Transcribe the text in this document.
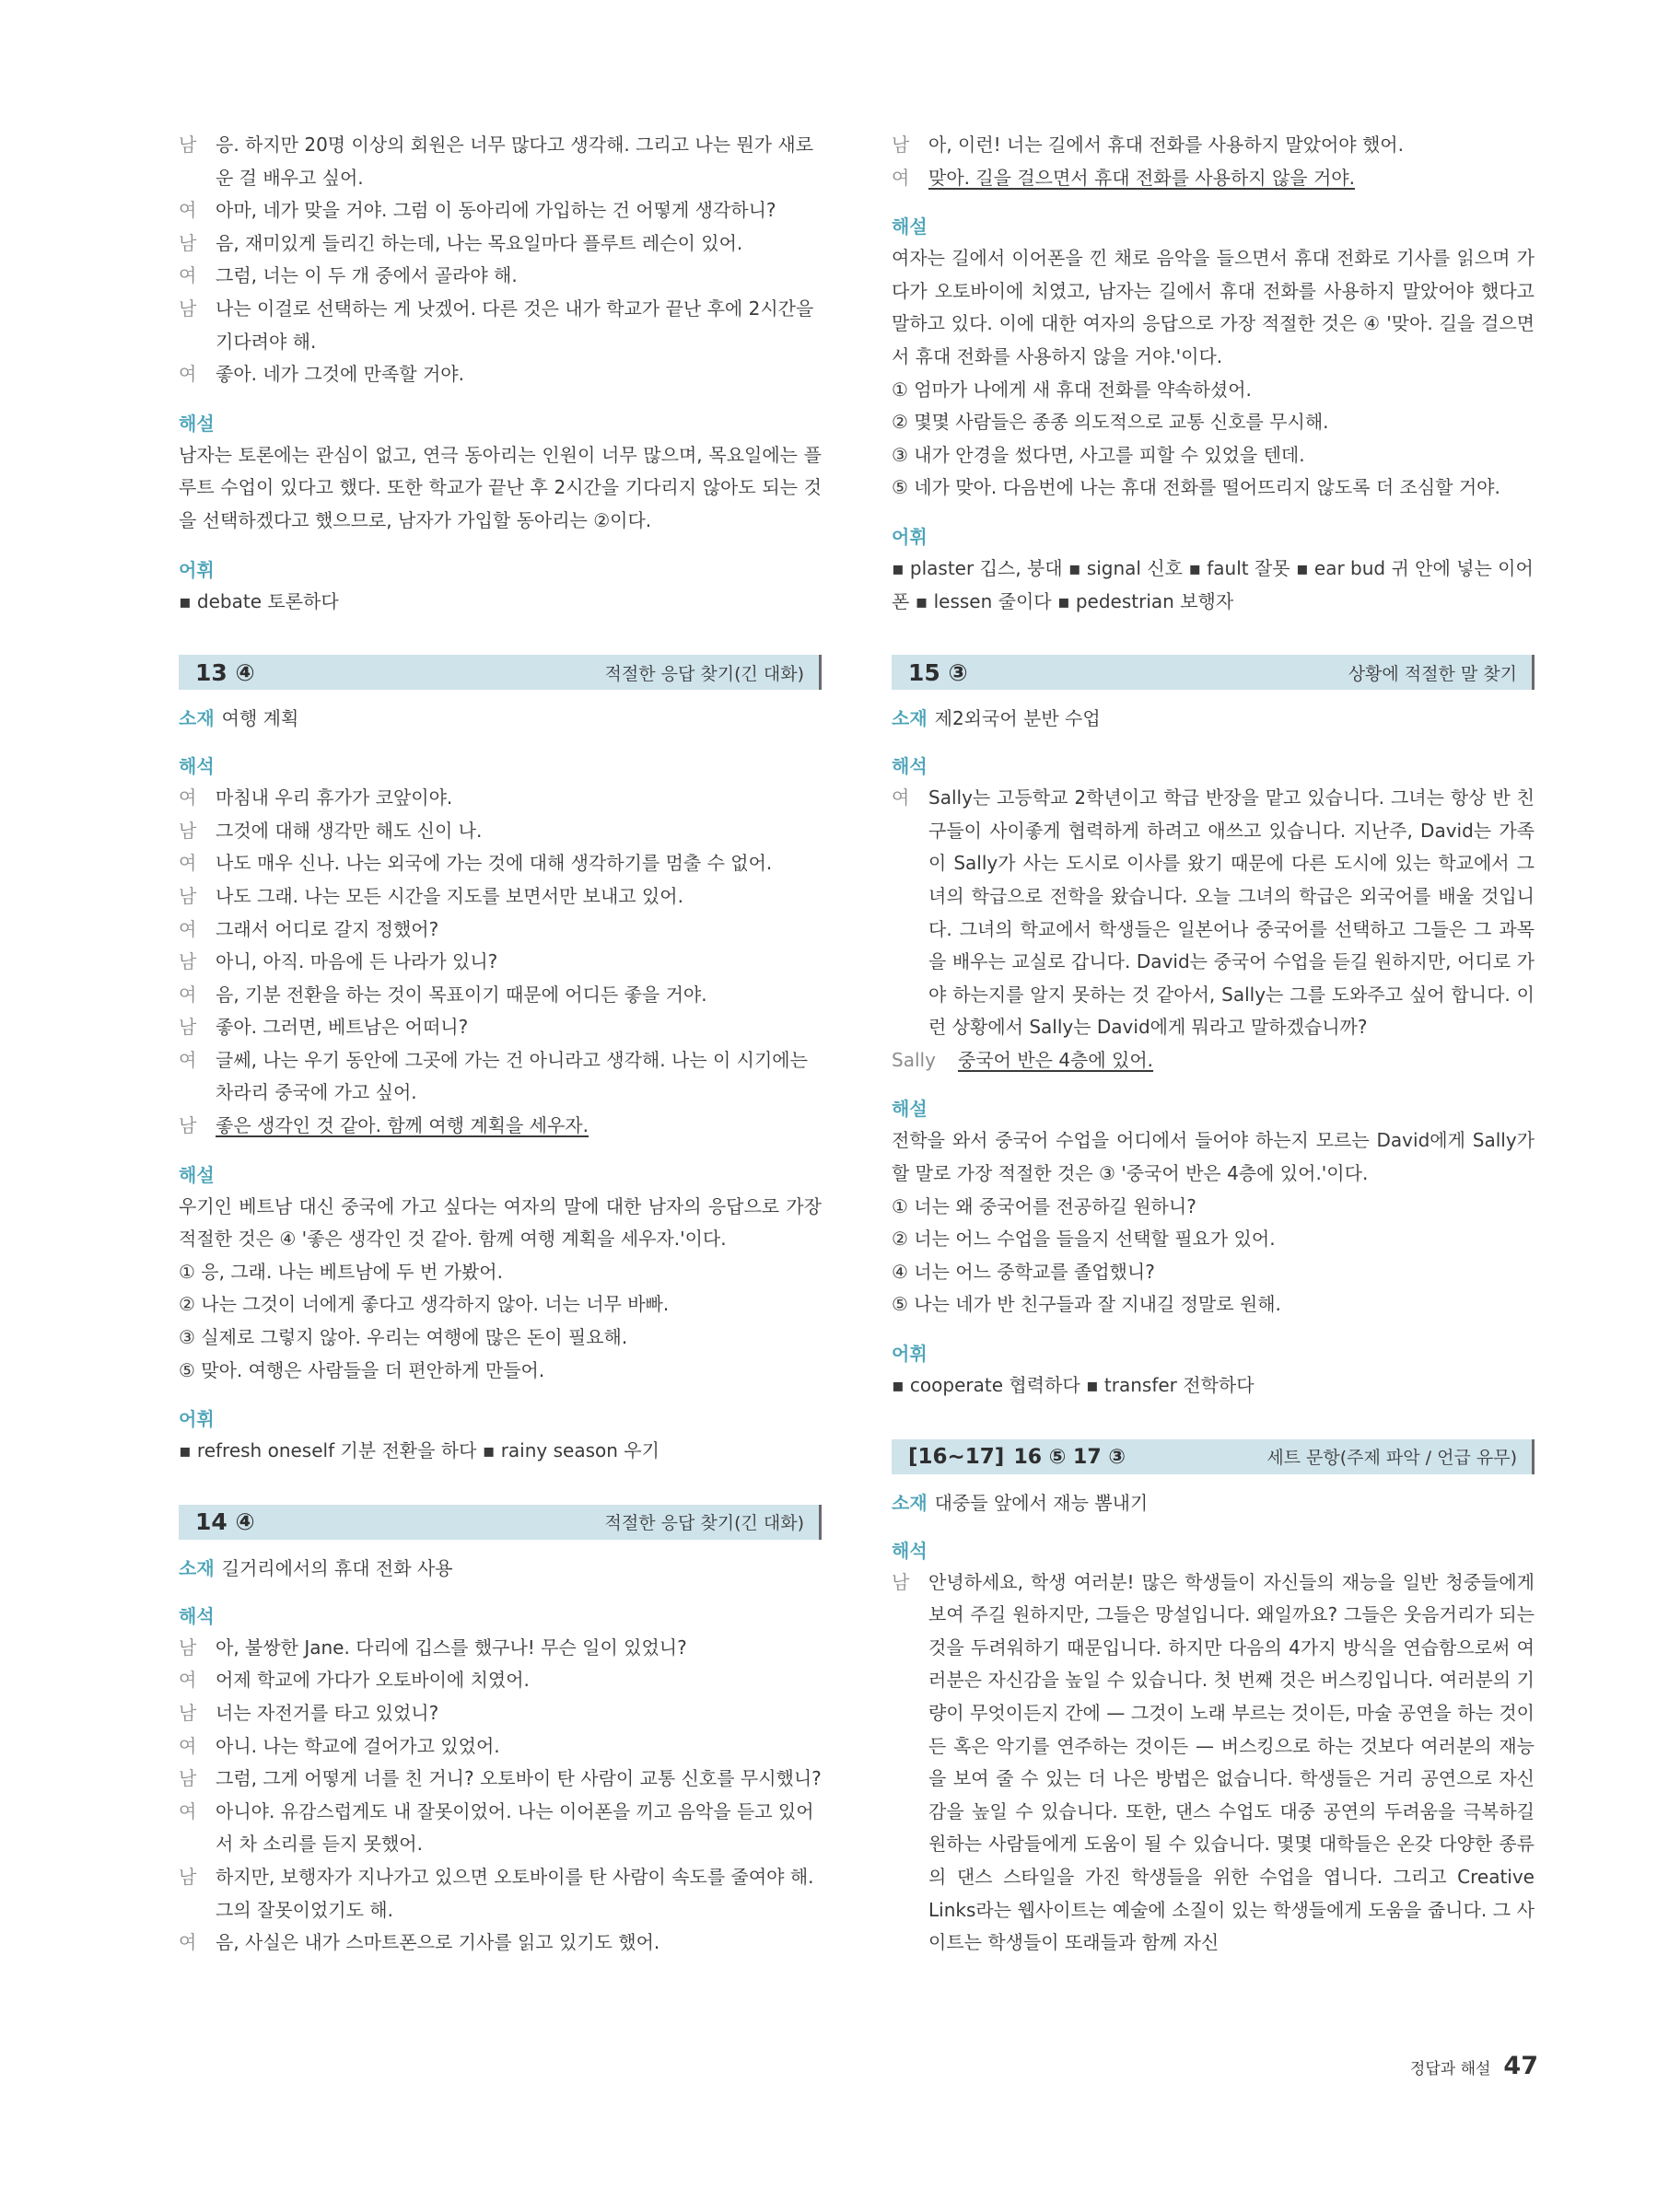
남 응. 하지만 20명 이상의 회원은 너무 많다고 생각해. 그리고 나는 뭔가 새로운 걸 배우고 싶어.
여 아마, 네가 맞을 거야. 그럼 이 동아리에 가입하는 건 어떻게 생각하니?
남 음, 재미있게 들리긴 하는데, 나는 목요일마다 플루트 레슨이 있어.
여 그럼, 너는 이 두 개 중에서 골라야 해.
남 나는 이걸로 선택하는 게 낫겠어. 다른 것은 내가 학교가 끝난 후에 2시간을 기다려야 해.
여 좋아. 네가 그것에 만족할 거야.
해설
남자는 토론에는 관심이 없고, 연극 동아리는 인원이 너무 많으며, 목요일에는 플루트 수업이 있다고 했다. 또한 학교가 끝난 후 2시간을 기다리지 않아도 되는 것을 선택하겠다고 했으므로, 남자가 가입할 동아리는 ②이다.
어휘
▪ debate 토론하다
13 ④	적절한 응답 찾기(긴 대화)
소재 여행 계획
해석
여 마침내 우리 휴가가 코앞이야.
남 그것에 대해 생각만 해도 신이 나.
여 나도 매우 신나. 나는 외국에 가는 것에 대해 생각하기를 멈출 수 없어.
남 나도 그래. 나는 모든 시간을 지도를 보면서만 보내고 있어.
여 그래서 어디로 갈지 정했어?
남 아니, 아직. 마음에 든 나라가 있니?
여 음, 기분 전환을 하는 것이 목표이기 때문에 어디든 좋을 거야.
남 좋아. 그러면, 베트남은 어떠니?
여 글쎄, 나는 우기 동안에 그곳에 가는 건 아니라고 생각해. 나는 이 시기에는 차라리 중국에 가고 싶어.
남 좋은 생각인 것 같아. 함께 여행 계획을 세우자.
해설
우기인 베트남 대신 중국에 가고 싶다는 여자의 말에 대한 남자의 응답으로 가장 적절한 것은 ④ '좋은 생각인 것 같아. 함께 여행 계획을 세우자.'이다.
① 응, 그래. 나는 베트남에 두 번 가봤어.
② 나는 그것이 너에게 좋다고 생각하지 않아. 너는 너무 바빠.
③ 실제로 그렇지 않아. 우리는 여행에 많은 돈이 필요해.
⑤ 맞아. 여행은 사람들을 더 편안하게 만들어.
어휘
▪ refresh oneself 기분 전환을 하다 ▪ rainy season 우기
14 ④	적절한 응답 찾기(긴 대화)
소재 길거리에서의 휴대 전화 사용
해석
남 아, 불쌍한 Jane. 다리에 깁스를 했구나! 무슨 일이 있었니?
여 어제 학교에 가다가 오토바이에 치였어.
남 너는 자전거를 타고 있었니?
여 아니. 나는 학교에 걸어가고 있었어.
남 그럼, 그게 어떻게 너를 친 거니? 오토바이 탄 사람이 교통 신호를 무시했니?
여 아니야. 유감스럽게도 내 잘못이었어. 나는 이어폰을 끼고 음악을 듣고 있어서 차 소리를 듣지 못했어.
남 하지만, 보행자가 지나가고 있으면 오토바이를 탄 사람이 속도를 줄여야 해. 그의 잘못이었기도 해.
여 음, 사실은 내가 스마트폰으로 기사를 읽고 있기도 했어.
남 아, 이런! 너는 길에서 휴대 전화를 사용하지 말았어야 했어.
여 맞아. 길을 걸으면서 휴대 전화를 사용하지 않을 거야.
해설
여자는 길에서 이어폰을 낀 채로 음악을 들으면서 휴대 전화로 기사를 읽으며 가다가 오토바이에 치였고, 남자는 길에서 휴대 전화를 사용하지 말았어야 했다고 말하고 있다. 이에 대한 여자의 응답으로 가장 적절한 것은 ④ '맞아. 길을 걸으면서 휴대 전화를 사용하지 않을 거야.'이다.
① 엄마가 나에게 새 휴대 전화를 약속하셨어.
② 몇몇 사람들은 종종 의도적으로 교통 신호를 무시해.
③ 내가 안경을 썼다면, 사고를 피할 수 있었을 텐데.
⑤ 네가 맞아. 다음번에 나는 휴대 전화를 떨어뜨리지 않도록 더 조심할 거야.
어휘
▪ plaster 깁스, 붕대 ▪ signal 신호 ▪ fault 잘못 ▪ ear bud 귀 안에 넣는 이어폰 ▪ lessen 줄이다 ▪ pedestrian 보행자
15 ③	상황에 적절한 말 찾기
소재 제2외국어 분반 수업
해석
여 Sally는 고등학교 2학년이고 학급 반장을 맡고 있습니다. 그녀는 항상 반 친구들이 사이좋게 협력하게 하려고 애쓰고 있습니다. 지난주, David는 가족이 Sally가 사는 도시로 이사를 왔기 때문에 다른 도시에 있는 학교에서 그녀의 학급으로 전학을 왔습니다. 오늘 그녀의 학급은 외국어를 배울 것입니다. 그녀의 학교에서 학생들은 일본어나 중국어를 선택하고 그들은 그 과목을 배우는 교실로 갑니다. David는 중국어 수업을 듣길 원하지만, 어디로 가야 하는지를 알지 못하는 것 같아서, Sally는 그를 도와주고 싶어 합니다. 이런 상황에서 Sally는 David에게 뭐라고 말하겠습니까?
Sally 중국어 반은 4층에 있어.
해설
전학을 와서 중국어 수업을 어디에서 들어야 하는지 모르는 David에게 Sally가 할 말로 가장 적절한 것은 ③ '중국어 반은 4층에 있어.'이다.
① 너는 왜 중국어를 전공하길 원하니?
② 너는 어느 수업을 들을지 선택할 필요가 있어.
④ 너는 어느 중학교를 졸업했니?
⑤ 나는 네가 반 친구들과 잘 지내길 정말로 원해.
어휘
▪ cooperate 협력하다 ▪ transfer 전학하다
[16~17] 16 ⑤ 17 ③	세트 문항(주제 파악 / 언급 유무)
소재 대중들 앞에서 재능 뽐내기
해석
남 안녕하세요, 학생 여러분! 많은 학생들이 자신들의 재능을 일반 청중들에게 보여 주길 원하지만, 그들은 망설입니다. 왜일까요? 그들은 웃음거리가 되는 것을 두려워하기 때문입니다. 하지만 다음의 4가지 방식을 연습함으로써 여러분은 자신감을 높일 수 있습니다. 첫 번째 것은 버스킹입니다. 여러분의 기량이 무엇이든지 간에 — 그것이 노래 부르는 것이든, 마술 공연을 하는 것이든 혹은 악기를 연주하는 것이든 — 버스킹으로 하는 것보다 여러분의 재능을 보여 줄 수 있는 더 나은 방법은 없습니다. 학생들은 거리 공연으로 자신감을 높일 수 있습니다. 또한, 댄스 수업도 대중 공연의 두려움을 극복하길 원하는 사람들에게 도움이 될 수 있습니다. 몇몇 대학들은 온갖 다양한 종류의 댄스 스타일을 가진 학생들을 위한 수업을 엽니다. 그리고 Creative Links라는 웹사이트는 예술에 소질이 있는 학생들에게 도움을 줍니다. 그 사이트는 학생들이 또래들과 함께 자신
정답과 해설 47
